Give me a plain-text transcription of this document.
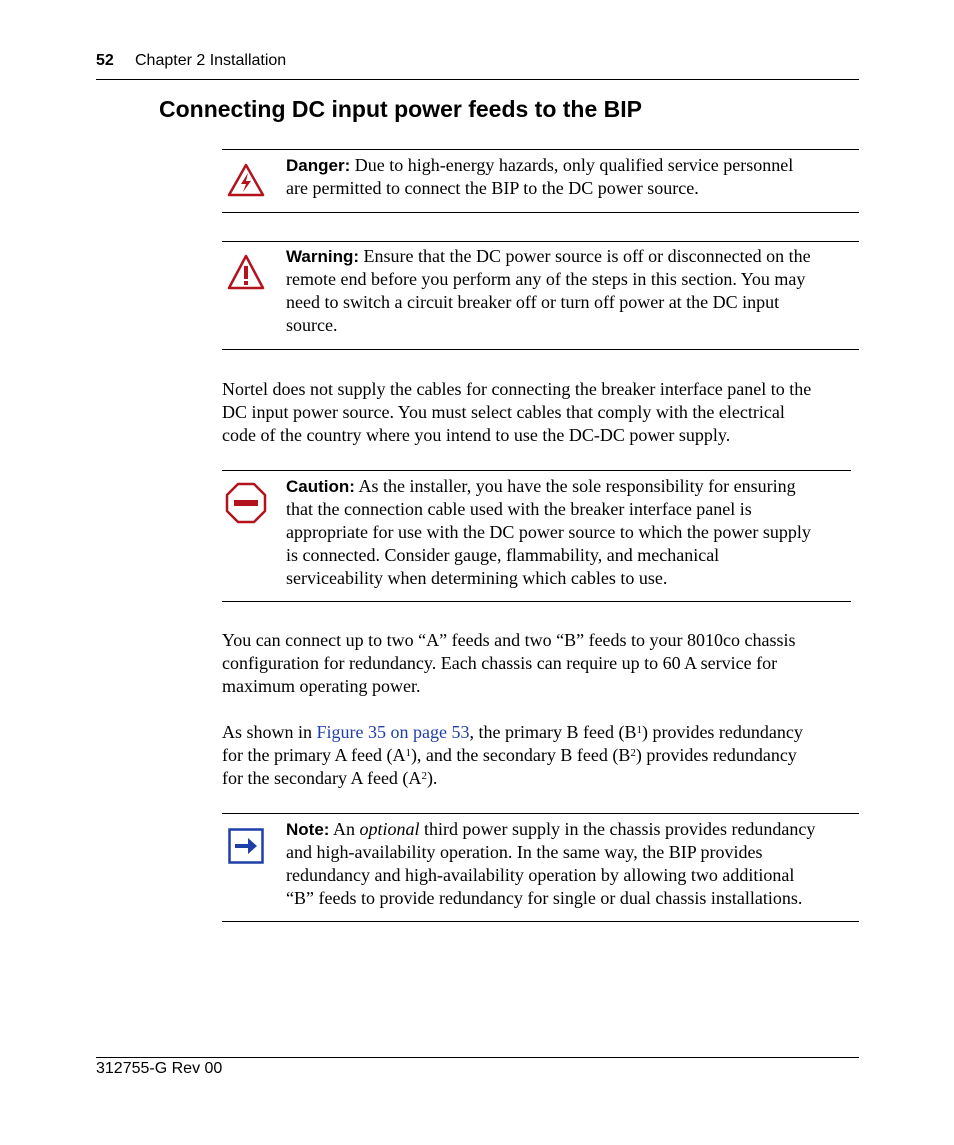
52 Chapter 2 Installation
Connecting DC input power feeds to the BIP
Danger: Due to high-energy hazards, only qualified service personnel
are permitted to connect the BIP to the DC power source.
Warning: Ensure that the DC power source is off or disconnected on the
remote end before you perform any of the steps in this section. You may
need to switch a circuit breaker off or turn off power at the DC input
source.
Nortel does not supply the cables for connecting the breaker interface panel to the
DC input power source. You must select cables that comply with the electrical
code of the country where you intend to use the DC-DC power supply.
Caution: As the installer, you have the sole responsibility for ensuring
that the connection cable used with the breaker interface panel is
appropriate for use with the DC power source to which the power supply
is connected. Consider gauge, flammability, and mechanical
serviceability when determining which cables to use.
You can connect up to two “A” feeds and two “B” feeds to your 8010co chassis
configuration for redundancy. Each chassis can require up to 60 A service for
maximum operating power.
As shown in Figure 35 on page 53, the primary B feed $(B^1)$ provides redundancy
for the primary A feed $(A^1)$, and the secondary B feed $(B^2)$ provides redundancy
for the secondary A feed $(A^2)$.
Note: An optional third power supply in the chassis provides redundancy
and high-availability operation. In the same way, the BIP provides
redundancy and high-availability operation by allowing two additional
“B” feeds to provide redundancy for single or dual chassis installations.
312755-G Rev 00
